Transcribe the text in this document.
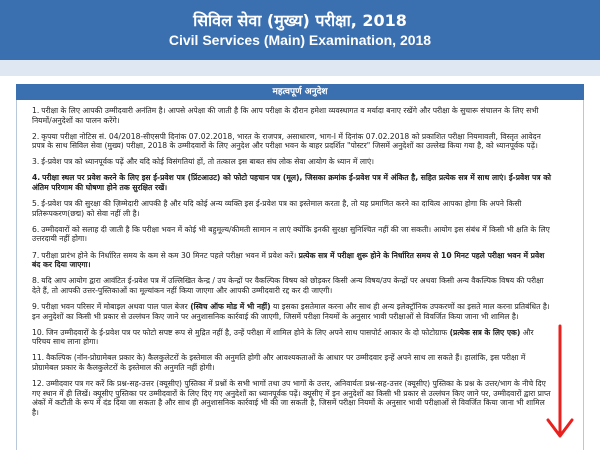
सिविल सेवा (मुख्य) परीक्षा, 2018
Civil Services (Main) Examination, 2018
महत्वपूर्ण अनुदेश

1. परीक्षा के लिए आपकी उम्मीदवारी अनंतिम है। आपसे अपेक्षा की जाती है कि आप परीक्षा के दौरान हमेशा व्यवस्थागत व मर्यादा बनाए रखेंगे और परीक्षा के सुचारू संचालन के लिए सभी नियमों/अनुदेशों का पालन करेंगे।

2. कृपया परीक्षा नोटिस सं. 04/2018-सीएसपी दिनांक 07.02.2018, भारत के राजपत्र, असाधारण, भाग-I में दिनांक 07.02.2018 को प्रकाशित परीक्षा नियमावली, विस्तृत आवेदन प्रपत्र के साथ सिविल सेवा (मुख्य) परीक्षा, 2018 के उम्मीदवारों के लिए अनुदेश और परीक्षा भवन के बाहर प्रदर्शित "पोस्टर" जिसमें अनुदेशों का उल्लेख किया गया है, को ध्यानपूर्वक पढ़ें।

3. ई-प्रवेश पत्र को ध्यानपूर्वक पढ़ें और यदि कोई विसंगतियां हों, तो तत्काल इस बाबत संघ लोक सेवा आयोग के ध्यान में लाएं।

4. परीक्षा स्थल पर प्रवेश करने के लिए इस ई-प्रवेश पत्र (प्रिंटआउट) को फोटो पहचान पत्र (मूल), जिसका क्रमांक ई-प्रवेश पत्र में अंकित है, सहित प्रत्येक सत्र में साथ लाएं। ई-प्रवेश पत्र को अंतिम परिणाम की घोषणा होने तक सुरक्षित रखें।

5. ई-प्रवेश पत्र की सुरक्षा की ज़िम्मेदारी आपकी है और यदि कोई अन्य व्यक्ति इस ई-प्रवेश पत्र का इस्तेमाल करता है, तो यह प्रमाणित करने का दायित्व आपका होगा कि अपने किसी प्रतिरूपकरण(छद्म) को सेवा नहीं ली है।

6. उम्मीदवारों को सलाह दी जाती है कि परीक्षा भवन में कोई भी बहुमूल्य/कीमती सामान न लाएं क्योंकि इनकी सुरक्षा सुनिश्चित नहीं की जा सकती। आयोग इस संबंध में किसी भी क्षति के लिए उत्तरदायी नहीं होगा।

7. परीक्षा प्रारंभ होने के निर्धारित समय के कम से कम 30 मिनट पहले परीक्षा भवन में प्रवेश करें। प्रत्येक सत्र में परीक्षा शुरू होने के निर्धारित समय से 10 मिनट पहले परीक्षा भवन में प्रवेश बंद कर दिया जाएगा।

8. यदि आप आयोग द्वारा आवंटित ई-प्रवेश पत्र में उल्लिखित केन्द्र / उप केन्द्रों पर वैकल्पिक विषय को छोड़कर किसी अन्य विषय/उप केन्द्रों पर अथवा किसी अन्य वैकल्पिक विषय की परीक्षा देते हैं, तो आपकी उत्तर-पुस्तिकाओं का मूल्यांकन नहीं किया जाएगा और आपकी उम्मीदवारी रद्द कर दी जाएगी।

9. परीक्षा भवन परिसर में मोबाइल अथवा पाल पाल बेजर (स्विच ऑफ मोड में भी नहीं) या इसका इसतेमाल करना और साथ ही अन्य इलेक्ट्रॉनिक उपकरणों का इसते माल करना प्रतिबंधित है। इन अनुदेशों का किसी भी प्रकार से उल्लंघन किए जाने पर अनुशासनिक कार्रवाई की जाएगी, जिसमें परीक्षा नियमों के अनुसार भावी परीक्षाओं से विवर्जित किया जाना भी शामिल है।

10. जिन उम्मीदवारों के ई-प्रवेश पत्र पर फोटो सपष्ट रूप से मुद्रित नहीं है, उन्हें परीक्षा में शामिल होने के लिए अपने साथ पासपोर्ट आकार के दो फोटोग्राफ (प्रत्येक सत्र के लिए एक) और परिचय साथ लाना होगा।

11. वैकल्पिक (नॉन-प्रोग्रामेबल प्रकार के) कैलकुलेटरों के इस्तेमाल की अनुमति होगी और आवश्यकताओं के आधार पर उम्मीदवार इन्हें अपने साथ ला सकते हैं। हालांकि, इस परीक्षा में प्रोग्रामेबल प्रकार के कैलकुलेटरों के इस्तेमाल की अनुमति नहीं होगी।

12. उम्मीदवार पत्र गर करें कि प्रश्न-सह-उत्तर (क्यूसीए) पुस्तिका में प्रश्नों के सभी भागों तथा उप भागों के उत्तर, अनिवार्यतः प्रश्न-सह-उत्तर (क्यूसीए) पुस्तिका के प्रश्न के उत्तर/भाग के नीचे दिए गए स्थान में ही लिखें। क्यूसीए पुस्तिका पर उम्मीदवारों के लिए दिए गए अनुदेशों का ध्यानपूर्वक पढ़ें। क्यूसीए में इन अनुदेशों का किसी भी प्रकार से उल्लंघन किए जाने पर, उम्मीदवारों द्वारा प्राप्त अंकों में कटौती के रूप में दंड दिया जा सकता है और साथ ही अनुशासनिक कार्रवाई भी की जा सकती है, जिसमें परीक्षा नियमों के अनुसार भावी परीक्षाओं से विवर्जित किया जाना भी शामिल है।
